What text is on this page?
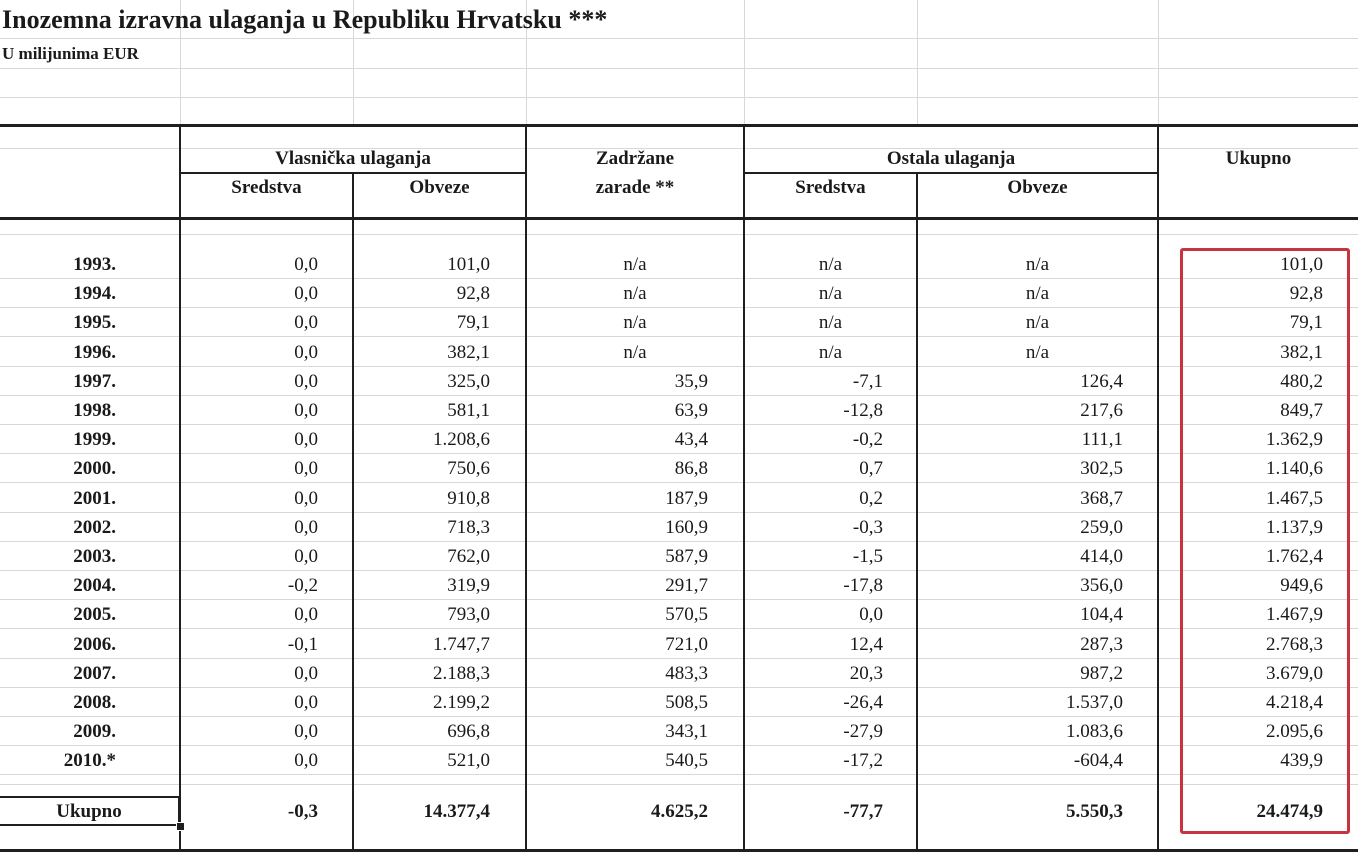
Inozemna izravna ulaganja u Republiku Hrvatsku ***
U milijunima EUR
Vlasnička ulaganja
Sredstva	Obveze
Zadržane
zarade **
Ostala ulaganja
Sredstva	Obveze
Ukupno
1993.	0,0	101,0	n/a	n/a	n/a	101,0
1994.	0,0	92,8	n/a	n/a	n/a	92,8
1995.	0,0	79,1	n/a	n/a	n/a	79,1
1996.	0,0	382,1	n/a	n/a	n/a	382,1
1997.	0,0	325,0	35,9	-7,1	126,4	480,2
1998.	0,0	581,1	63,9	-12,8	217,6	849,7
1999.	0,0	1.208,6	43,4	-0,2	111,1	1.362,9
2000.	0,0	750,6	86,8	0,7	302,5	1.140,6
2001.	0,0	910,8	187,9	0,2	368,7	1.467,5
2002.	0,0	718,3	160,9	-0,3	259,0	1.137,9
2003.	0,0	762,0	587,9	-1,5	414,0	1.762,4
2004.	-0,2	319,9	291,7	-17,8	356,0	949,6
2005.	0,0	793,0	570,5	0,0	104,4	1.467,9
2006.	-0,1	1.747,7	721,0	12,4	287,3	2.768,3
2007.	0,0	2.188,3	483,3	20,3	987,2	3.679,0
2008.	0,0	2.199,2	508,5	-26,4	1.537,0	4.218,4
2009.	0,0	696,8	343,1	-27,9	1.083,6	2.095,6
2010.*	0,0	521,0	540,5	-17,2	-604,4	439,9
Ukupno	-0,3	14.377,4	4.625,2	-77,7	5.550,3	24.474,9
